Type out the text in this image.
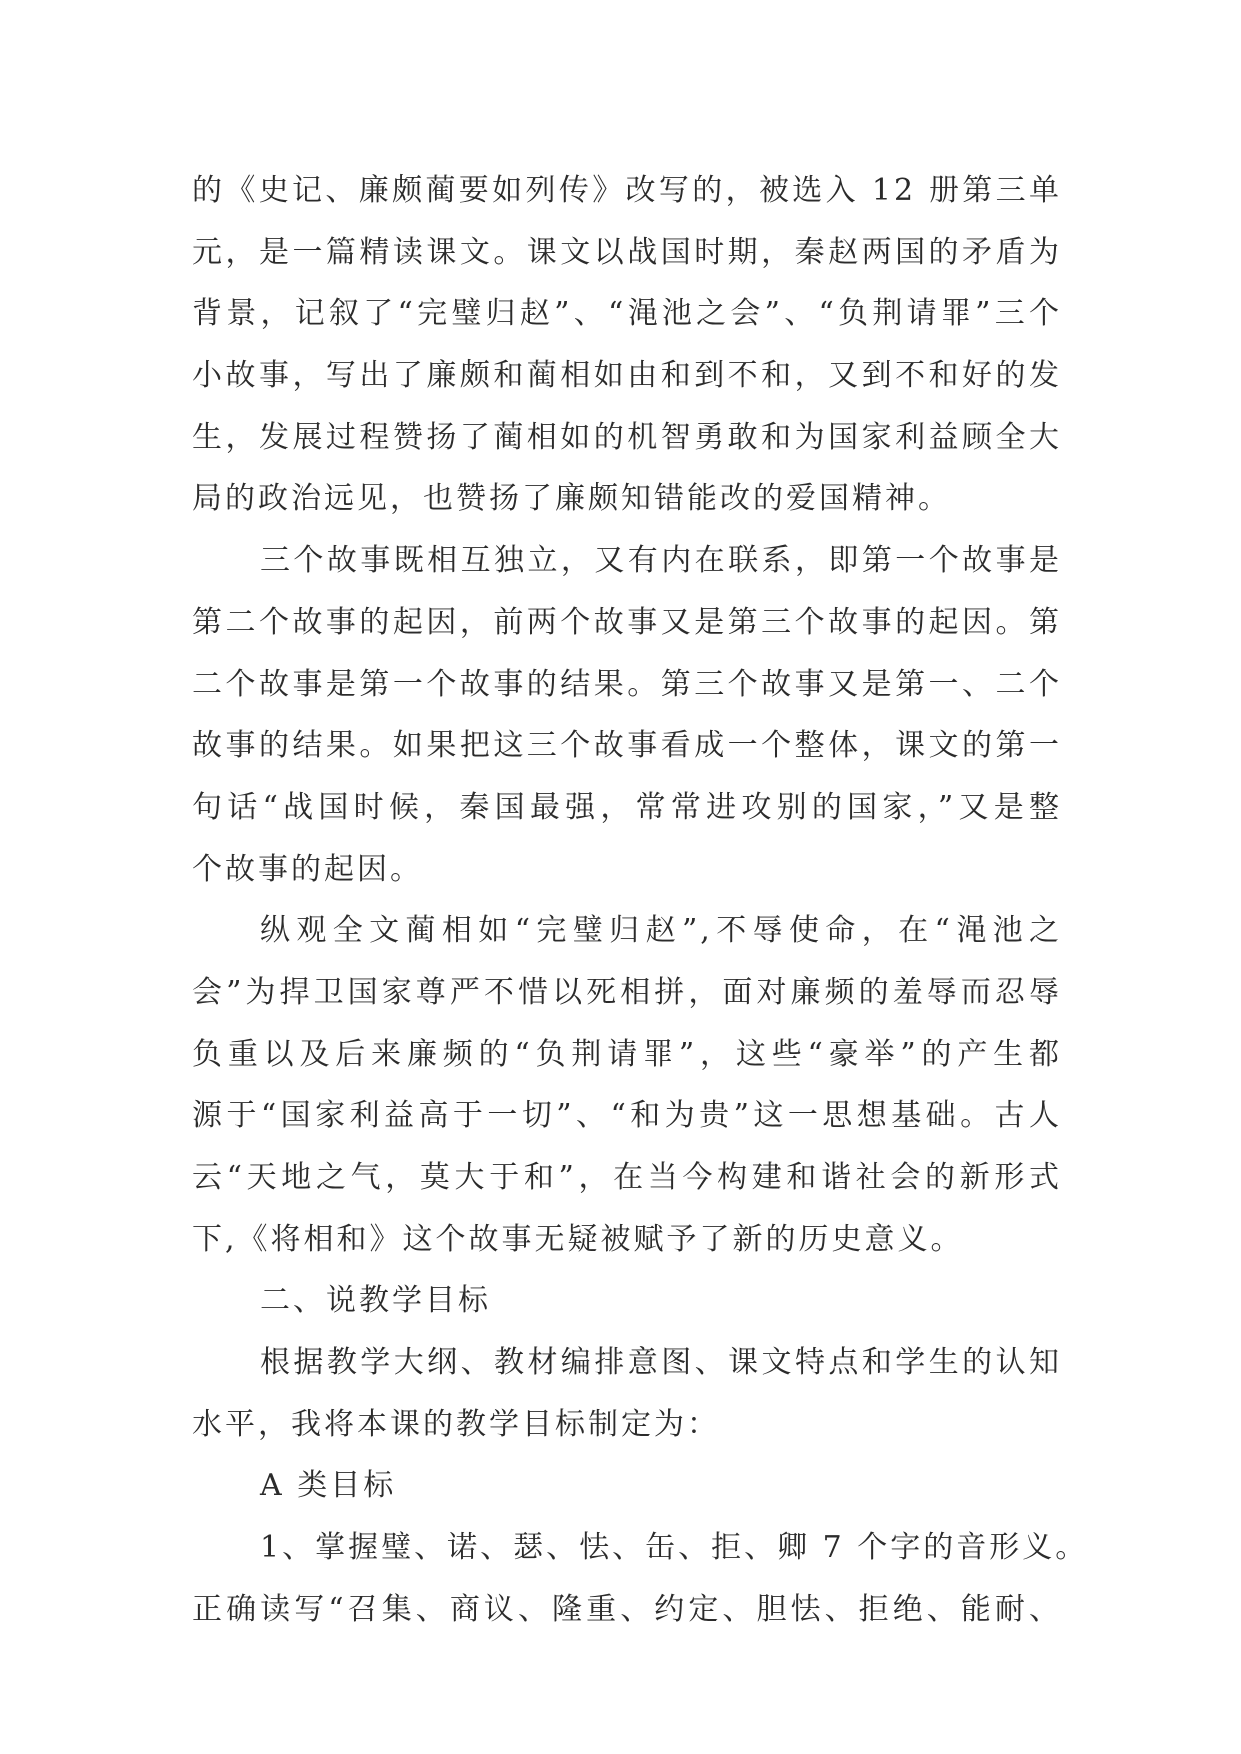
的《史记、廉颇蔺要如列传》改写的，被选入 12 册第三单
元，是一篇精读课文。课文以战国时期，秦赵两国的矛盾为
背景，记叙了“完璧归赵”、“渑池之会”、“负荆请罪”三个
小故事，写出了廉颇和蔺相如由和到不和，又到不和好的发
生，发展过程赞扬了蔺相如的机智勇敢和为国家利益顾全大
局的政治远见，也赞扬了廉颇知错能改的爱国精神。
三个故事既相互独立，又有内在联系，即第一个故事是
第二个故事的起因，前两个故事又是第三个故事的起因。第
二个故事是第一个故事的结果。第三个故事又是第一、二个
故事的结果。如果把这三个故事看成一个整体，课文的第一
句话“战国时候，秦国最强，常常进攻别的国家，”又是整
个故事的起因。
纵观全文蔺相如“完璧归赵”,不辱使命，在“渑池之
会”为捍卫国家尊严不惜以死相拼，面对廉频的羞辱而忍辱
负重以及后来廉频的“负荆请罪”，这些“豪举”的产生都
源于“国家利益高于一切”、“和为贵”这一思想基础。古人
云“天地之气，莫大于和”，在当今构建和谐社会的新形式
下,《将相和》这个故事无疑被赋予了新的历史意义。
二、说教学目标
根据教学大纲、教材编排意图、课文特点和学生的认知
水平，我将本课的教学目标制定为：
A 类目标
1、掌握璧、诺、瑟、怯、缶、拒、卿 7 个字的音形义。
正确读写“召集、商议、隆重、约定、胆怯、拒绝、能耐、
